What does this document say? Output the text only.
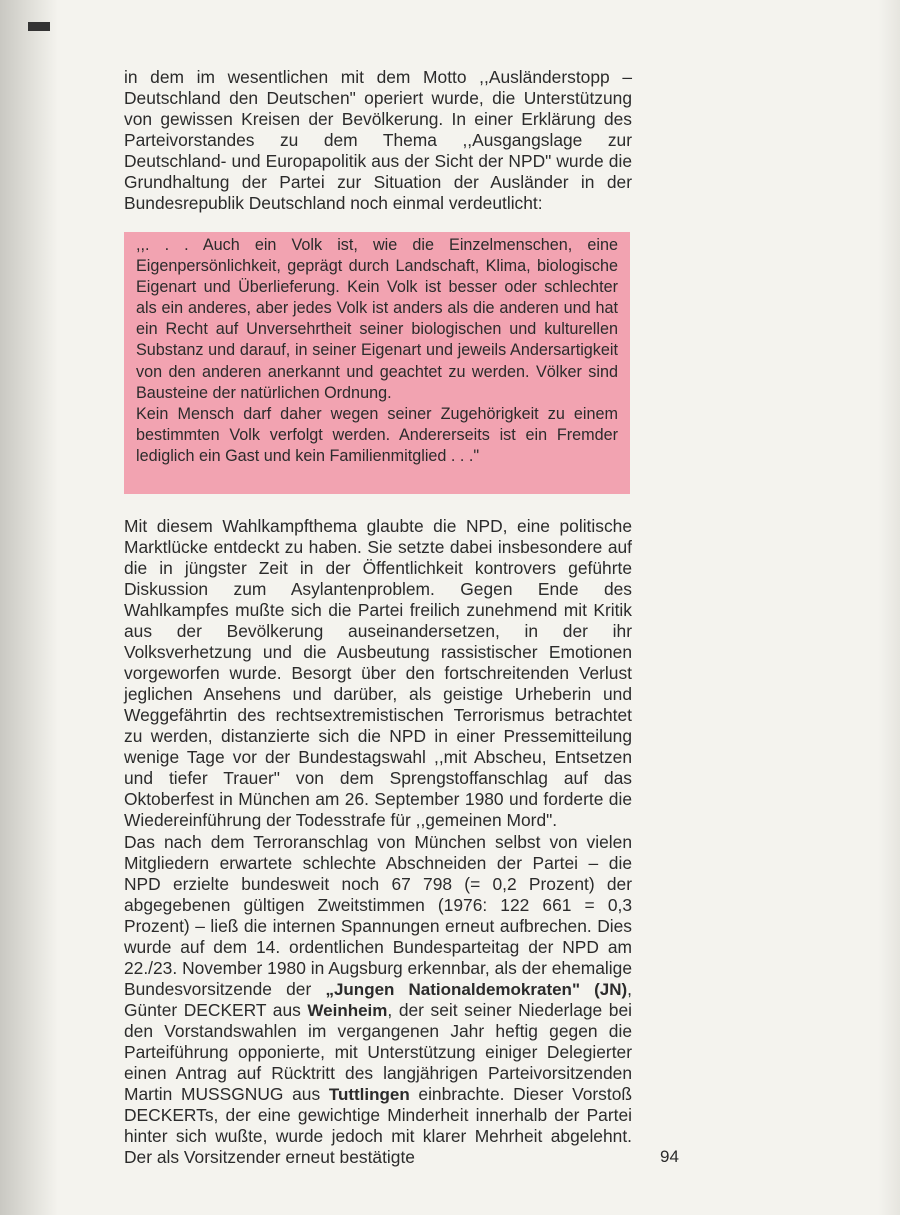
in dem im wesentlichen mit dem Motto ,,Ausländerstopp – Deutschland den Deutschen" operiert wurde, die Unterstützung von gewissen Kreisen der Bevölkerung. In einer Erklärung des Parteivorstandes zu dem Thema ,,Ausgangslage zur Deutschland- und Europapolitik aus der Sicht der NPD" wurde die Grundhaltung der Partei zur Situation der Ausländer in der Bundesrepublik Deutschland noch einmal verdeutlicht:

,,. . . Auch ein Volk ist, wie die Einzelmenschen, eine Eigenpersönlichkeit, geprägt durch Landschaft, Klima, biologische Eigenart und Überlieferung. Kein Volk ist besser oder schlechter als ein anderes, aber jedes Volk ist anders als die anderen und hat ein Recht auf Unversehrtheit seiner biologischen und kulturellen Substanz und darauf, in seiner Eigenart und jeweils Andersartigkeit von den anderen anerkannt und geachtet zu werden. Völker sind Bausteine der natürlichen Ordnung.

Kein Mensch darf daher wegen seiner Zugehörigkeit zu einem bestimmten Volk verfolgt werden. Andererseits ist ein Fremder lediglich ein Gast und kein Familienmitglied . . ."

Mit diesem Wahlkampfthema glaubte die NPD, eine politische Marktlücke entdeckt zu haben. Sie setzte dabei insbesondere auf die in jüngster Zeit in der Öffentlichkeit kontrovers geführte Diskussion zum Asylantenproblem. Gegen Ende des Wahlkampfes mußte sich die Partei freilich zunehmend mit Kritik aus der Bevölkerung auseinandersetzen, in der ihr Volksverhetzung und die Ausbeutung rassistischer Emotionen vorgeworfen wurde. Besorgt über den fortschreitenden Verlust jeglichen Ansehens und darüber, als geistige Urheberin und Weggefährtin des rechtsextremistischen Terrorismus betrachtet zu werden, distanzierte sich die NPD in einer Pressemitteilung wenige Tage vor der Bundestagswahl ,,mit Abscheu, Entsetzen und tiefer Trauer" von dem Sprengstoffanschlag auf das Oktoberfest in München am 26. September 1980 und forderte die Wiedereinführung der Todesstrafe für ,,gemeinen Mord".

Das nach dem Terroranschlag von München selbst von vielen Mitgliedern erwartete schlechte Abschneiden der Partei – die NPD erzielte bundesweit noch 67 798 (= 0,2 Prozent) der abgegebenen gültigen Zweitstimmen (1976: 122 661 = 0,3 Prozent) – ließ die internen Spannungen erneut aufbrechen. Dies wurde auf dem 14. ordentlichen Bundesparteitag der NPD am 22./23. November 1980 in Augsburg erkennbar, als der ehemalige Bundesvorsitzende der „Jungen Nationaldemokraten" (JN), Günter DECKERT aus Weinheim, der seit seiner Niederlage bei den Vorstandswahlen im vergangenen Jahr heftig gegen die Parteiführung opponierte, mit Unterstützung einiger Delegierter einen Antrag auf Rücktritt des langjährigen Parteivorsitzenden Martin MUSSGNUG aus Tuttlingen einbrachte. Dieser Vorstoß DECKERTs, der eine gewichtige Minderheit innerhalb der Partei hinter sich wußte, wurde jedoch mit klarer Mehrheit abgelehnt. Der als Vorsitzender erneut bestätigte	94
